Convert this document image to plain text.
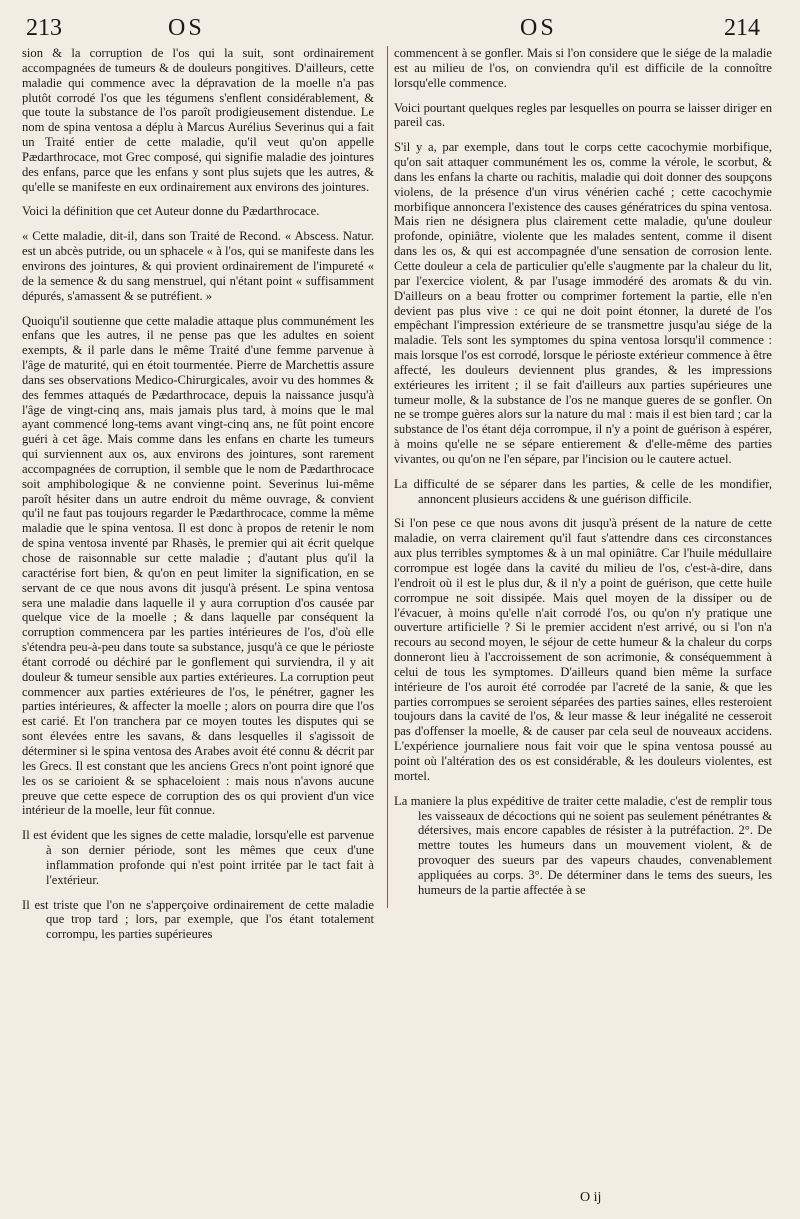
213	OS	OS	214

sion & la corruption de l'os qui la suit, sont ordinairement accompagnées de tumeurs & de douleurs pongitives. D'ailleurs, cette maladie qui commence avec la dépravation de la moelle n'a pas plutôt corrodé l'os que les tégumens s'enflent considérablement, & que toute la substance de l'os paroît prodigieusement distendue. Le nom de spina ventosa a déplu à Marcus Aurélius Severinus qui a fait un Traité entier de cette maladie, qu'il veut qu'on appelle Pædarthrocace, mot Grec composé, qui signifie maladie des jointures des enfans, parce que les enfans y sont plus sujets que les autres, & qu'elle se manifeste en eux ordinairement aux environs des jointures.

Voici la définition que cet Auteur donne du Pædarthrocace.

« Cette maladie, dit-il, dans son Traité de Recond. « Abscess. Natur. est un abcès putride, ou un sphacele « à l'os, qui se manifeste dans les environs des jointures, & qui provient ordinairement de l'impureté « de la semence & du sang menstruel, qui n'étant point « suffisamment dépurés, s'amassent & se putréfient. »

Quoiqu'il soutienne que cette maladie attaque plus communément les enfans que les autres, il ne pense pas que les adultes en soient exempts, & il parle dans le même Traité d'une femme parvenue à l'âge de maturité, qui en étoit tourmentée. Pierre de Marchettis assure dans ses observations Medico-Chirurgicales, avoir vu des hommes & des femmes attaqués de Pædarthrocace, depuis la naissance jusqu'à l'âge de vingt-cinq ans, mais jamais plus tard, à moins que le mal ayant commencé long-tems avant vingt-cinq ans, ne fût point encore guéri à cet âge. Mais comme dans les enfans en charte les tumeurs qui surviennent aux os, aux environs des jointures, sont rarement accompagnées de corruption, il semble que le nom de Pædarthrocace soit amphibologique & ne convienne point. Severinus lui-même paroît hésiter dans un autre endroit du même ouvrage, & convient qu'il ne faut pas toujours regarder le Pædarthrocace, comme la même maladie que le spina ventosa. Il est donc à propos de retenir le nom de spina ventosa inventé par Rhasès, le premier qui ait écrit quelque chose de raisonnable sur cette maladie ; d'autant plus qu'il la caractérise fort bien, & qu'on en peut limiter la signification, en se servant de ce que nous avons dit jusqu'à présent. Le spina ventosa sera une maladie dans laquelle il y aura corruption d'os causée par quelque vice de la moelle ; & dans laquelle par conséquent la corruption commencera par les parties intérieures de l'os, d'où elle s'étendra peu-à-peu dans toute sa substance, jusqu'à ce que le périoste étant corrodé ou déchiré par le gonflement qui surviendra, il y ait douleur & tumeur sensible aux parties extérieures. La corruption peut commencer aux parties extérieures de l'os, le pénétrer, gagner les parties intérieures, & affecter la moelle ; alors on pourra dire que l'os est carié. Et l'on tranchera par ce moyen toutes les disputes qui se sont élevées entre les savans, & dans lesquelles il s'agissoit de déterminer si le spina ventosa des Arabes avoit été connu & décrit par les Grecs. Il est constant que les anciens Grecs n'ont point ignoré que les os se carioient & se sphaceloient : mais nous n'avons aucune preuve que cette espece de corruption des os qui provient d'un vice intérieur de la moelle, leur fût connue.

Il est évident que les signes de cette maladie, lorsqu'elle est parvenue à son dernier période, sont les mêmes que ceux d'une inflammation profonde qui n'est point irritée par le tact fait à l'extérieur.

Il est triste que l'on ne s'apperçoive ordinairement de cette maladie que trop tard ; lors, par exemple, que l'os étant totalement corrompu, les parties supérieures

commencent à se gonfler. Mais si l'on considere que le siége de la maladie est au milieu de l'os, on conviendra qu'il est difficile de la connoître lorsqu'elle commence.

Voici pourtant quelques regles par lesquelles on pourra se laisser diriger en pareil cas.

S'il y a, par exemple, dans tout le corps cette cacochymie morbifique, qu'on sait attaquer communément les os, comme la vérole, le scorbut, & dans les enfans la charte ou rachitis, maladie qui doit donner des soupçons violens, de la présence d'un virus vénérien caché ; cette cacochymie morbifique annoncera l'existence des causes génératrices du spina ventosa. Mais rien ne désignera plus clairement cette maladie, qu'une douleur profonde, opiniâtre, violente que les malades sentent, comme il disent dans les os, & qui est accompagnée d'une sensation de corrosion lente. Cette douleur a cela de particulier qu'elle s'augmente par la chaleur du lit, par l'exercice violent, & par l'usage immodéré des aromats & du vin. D'ailleurs on a beau frotter ou comprimer fortement la partie, elle n'en devient pas plus vive : ce qui ne doit point étonner, la dureté de l'os empêchant l'impression extérieure de se transmettre jusqu'au siége de la maladie. Tels sont les symptomes du spina ventosa lorsqu'il commence : mais lorsque l'os est corrodé, lorsque le périoste extérieur commence à être affecté, les douleurs deviennent plus grandes, & les impressions extérieures les irritent ; il se fait d'ailleurs aux parties supérieures une tumeur molle, & la substance de l'os ne manque gueres de se gonfler. On ne se trompe guères alors sur la nature du mal : mais il est bien tard ; car la substance de l'os étant déja corrompue, il n'y a point de guérison à espérer, à moins qu'elle ne se sépare entierement & d'elle-même des parties vivantes, ou qu'on ne l'en sépare, par l'incision ou le cautere actuel.

La difficulté de se séparer dans les parties, & celle de les mondifier, annoncent plusieurs accidens & une guérison difficile.

Si l'on pese ce que nous avons dit jusqu'à présent de la nature de cette maladie, on verra clairement qu'il faut s'attendre dans ces circonstances aux plus terribles symptomes & à un mal opiniâtre. Car l'huile médullaire corrompue est logée dans la cavité du milieu de l'os, c'est-à-dire, dans l'endroit où il est le plus dur, & il n'y a point de guérison, que cette huile corrompue ne soit dissipée. Mais quel moyen de la dissiper ou de l'évacuer, à moins qu'elle n'ait corrodé l'os, ou qu'on n'y pratique une ouverture artificielle ? Si le premier accident n'est arrivé, ou si l'on n'a recours au second moyen, le séjour de cette humeur & la chaleur du corps donneront lieu à l'accroissement de son acrimonie, & conséquemment à celui de tous les symptomes. D'ailleurs quand bien même la surface intérieure de l'os auroit été corrodée par l'acreté de la sanie, & que les parties corrompues se seroient séparées des parties saines, elles resteroient toujours dans la cavité de l'os, & leur masse & leur inégalité ne cesseroit pas d'offenser la moelle, & de causer par cela seul de nouveaux accidens. L'expérience journaliere nous fait voir que le spina ventosa poussé au point où l'altération des os est considérable, & les douleurs violentes, est mortel.

La maniere la plus expéditive de traiter cette maladie, c'est de remplir tous les vaisseaux de décoctions qui ne soient pas seulement pénétrantes & détersives, mais encore capables de résister à la putréfaction. 2°. De mettre toutes les humeurs dans un mouvement violent, & de provoquer des sueurs par des vapeurs chaudes, convenablement appliquées au corps. 3°. De déterminer dans le tems des sueurs, les humeurs de la partie affectée à se

O ij
